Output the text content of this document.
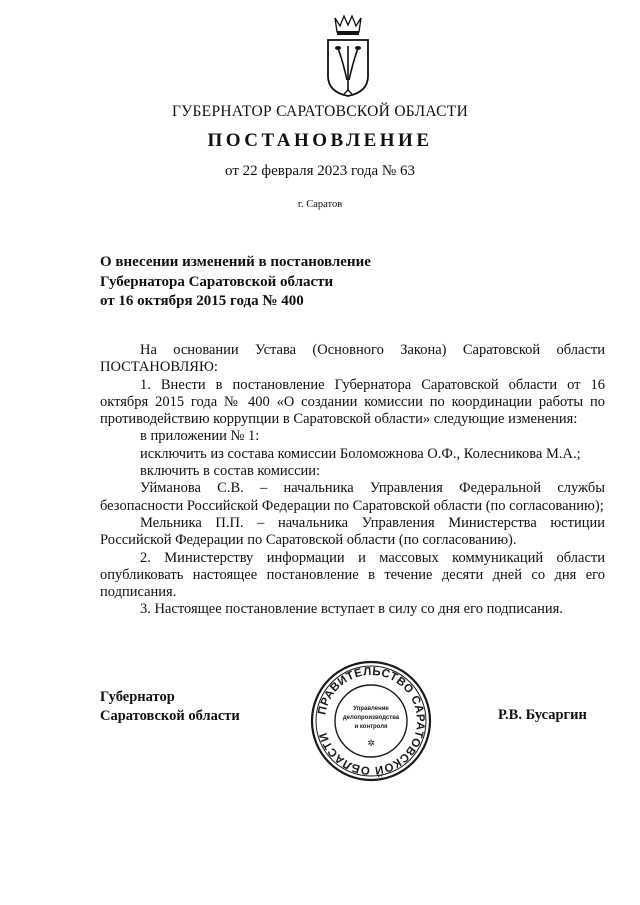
ГУБЕРНАТОР САРАТОВСКОЙ ОБЛАСТИ
ПОСТАНОВЛЕНИЕ
от 22 февраля 2023 года № 63
г. Саратов
О внесении изменений в постановление
Губернатора Саратовской области
от 16 октября 2015 года № 400

На основании Устава (Основного Закона) Саратовской области ПОСТАНОВЛЯЮ:

1. Внести в постановление Губернатора Саратовской области от 16 октября 2015 года № 400 «О создании комиссии по координации работы по противодействию коррупции в Саратовской области» следующие изменения:

в приложении № 1:

исключить из состава комиссии Боломожнова О.Ф., Колесникова М.А.;

включить в состав комиссии:

Уйманова С.В. – начальника Управления Федеральной службы безопасности Российской Федерации по Саратовской области (по согласованию);

Мельника П.П. – начальника Управления Министерства юстиции Российской Федерации по Саратовской области (по согласованию).

2. Министерству информации и массовых коммуникаций области опубликовать настоящее постановление в течение десяти дней со дня его подписания.

3. Настоящее постановление вступает в силу со дня его подписания.

Губернатор
Саратовской области	ПРАВИТЕЛЬСТВО САРАТОВСКОЙ ОБЛАСТИ
Управление
делопроизводства
и контроля
✲
Р.В. Бусаргин
